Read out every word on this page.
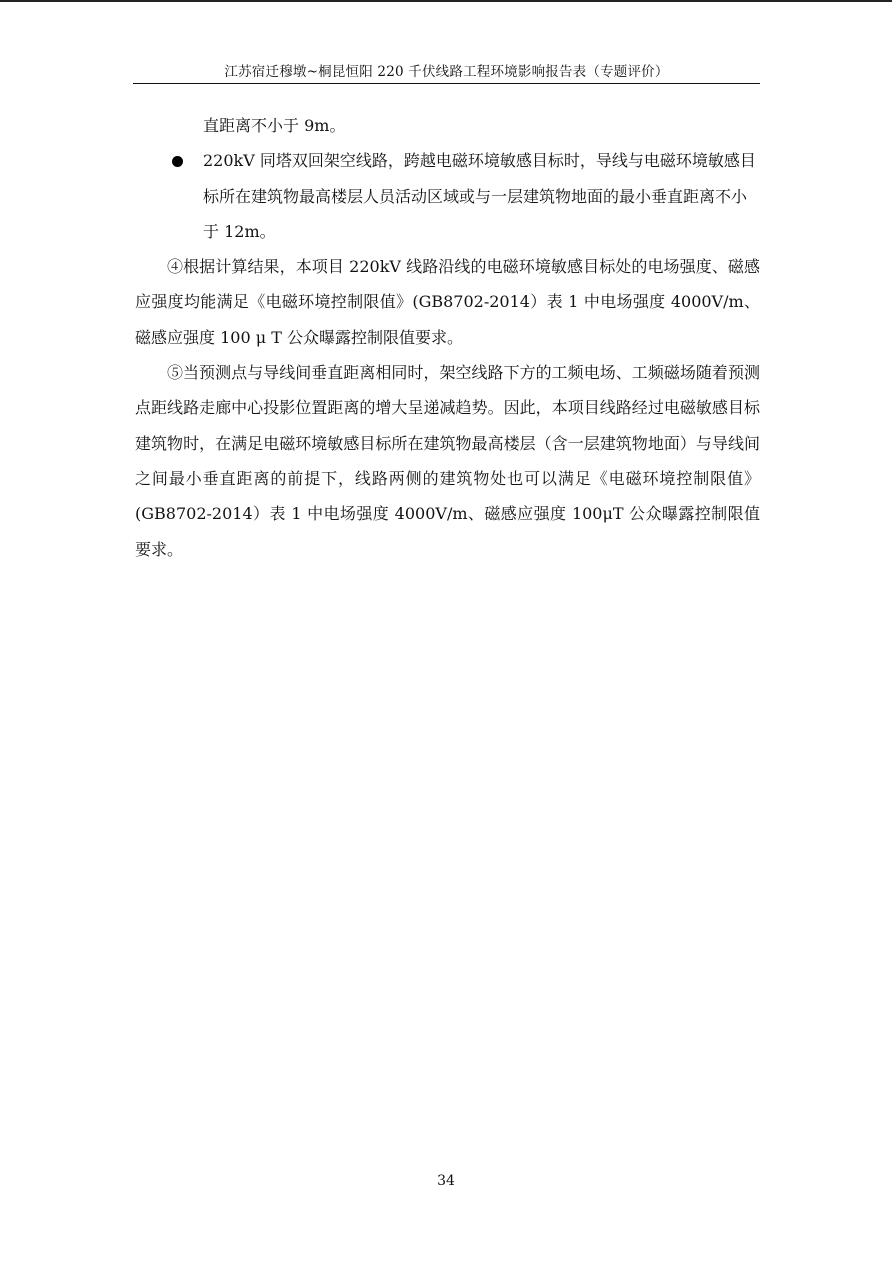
江苏宿迁穆墩~桐昆恒阳 220 千伏线路工程环境影响报告表（专题评价）

直距离不小于 9m。

220kV 同塔双回架空线路，跨越电磁环境敏感目标时，导线与电磁环境敏感目标所在建筑物最高楼层人员活动区域或与一层建筑物地面的最小垂直距离不小于 12m。

④根据计算结果，本项目 220kV 线路沿线的电磁环境敏感目标处的电场强度、磁感应强度均能满足《电磁环境控制限值》(GB8702-2014）表 1 中电场强度 4000V/m、磁感应强度 100 μ T 公众曝露控制限值要求。

⑤当预测点与导线间垂直距离相同时，架空线路下方的工频电场、工频磁场随着预测点距线路走廊中心投影位置距离的增大呈递减趋势。因此，本项目线路经过电磁敏感目标建筑物时，在满足电磁环境敏感目标所在建筑物最高楼层（含一层建筑物地面）与导线间之间最小垂直距离的前提下，线路两侧的建筑物处也可以满足《电磁环境控制限值》(GB8702-2014）表 1 中电场强度 4000V/m、磁感应强度 100μT 公众曝露控制限值要求。

34
